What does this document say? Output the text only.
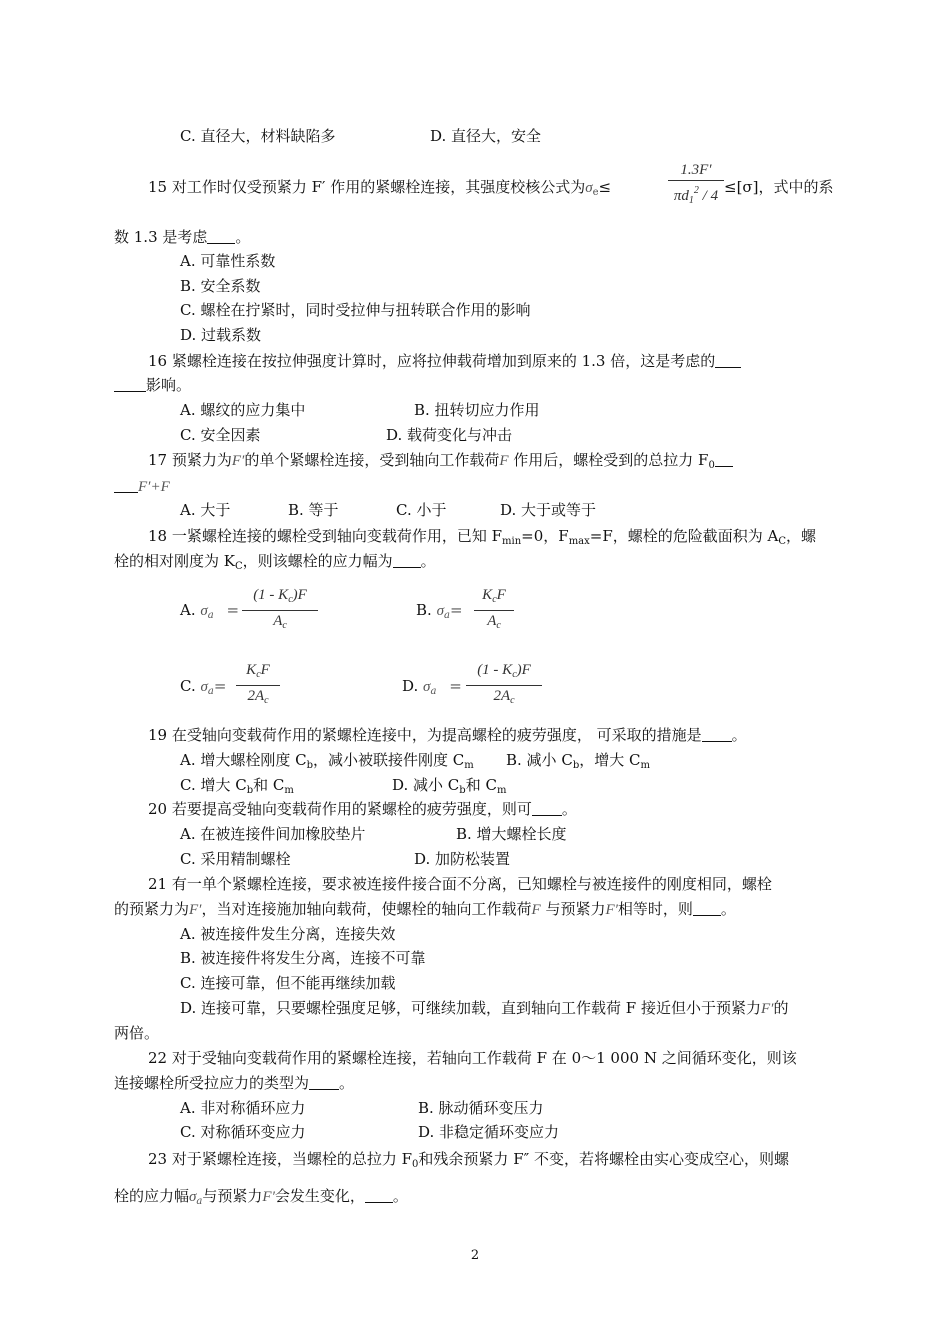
C. 直径大，材料缺陷多	D. 直径大，安全
15 对工作时仅受预紧力 F′ 作用的紧螺栓连接，其强度校核公式为$\sigma_e\le$
1.3F′
$\pi d_1^2 / 4 \le[\sigma]$，式中的系
数 1.3 是考虑 。
A. 可靠性系数
B. 安全系数
C. 螺栓在拧紧时，同时受拉伸与扭转联合作用的影响
D. 过载系数
16 紧螺栓连接在按拉伸强度计算时，应将拉伸载荷增加到原来的 1.3 倍，这是考虑的
影响。
A. 螺纹的应力集中	B. 扭转切应力作用
C. 安全因素	D. 载荷变化与冲击
17 预紧力为F′的单个紧螺栓连接，受到轴向工作载荷F 作用后，螺栓受到的总拉力 $F_0$
F′+F
A. 大于	B. 等于	C. 小于	D. 大于或等于
18 一紧螺栓连接的螺栓受到轴向变载荷作用，已知 $F_{min}=0$，$F_{max}=F$，螺栓的危险截面积为 $A_C$，螺
栓的相对刚度为 $K_C$，则该螺栓的应力幅为 。
A. $\sigma_a$ =
$(1 - K_c)F$
$A_c$
B. $\sigma_a=$
$K_cF$
$A_c$
C. $\sigma_a=$
$K_cF$
$2A_c$
D. $\sigma_a$ =
$(1 - K_c)F$
$2A_c$
19 在受轴向变载荷作用的紧螺栓连接中，为提高螺栓的疲劳强度， 可采取的措施是 。
A. 增大螺栓刚度 $C_b$，减小被联接件刚度 $C_m$ B. 减小 $C_b$，增大 $C_m$
C. 增大 $C_b$和 $C_m$	D. 减小 $C_b$和 $C_m$
20 若要提高受轴向变载荷作用的紧螺栓的疲劳强度，则可 。
A. 在被连接件间加橡胶垫片	B. 增大螺栓长度
C. 采用精制螺栓	D. 加防松装置
21 有一单个紧螺栓连接，要求被连接件接合面不分离，已知螺栓与被连接件的刚度相同，螺栓
的预紧力为F′，当对连接施加轴向载荷，使螺栓的轴向工作载荷F 与预紧力F′相等时，则 。
A. 被连接件发生分离，连接失效
B. 被连接件将发生分离，连接不可靠
C. 连接可靠，但不能再继续加载
D. 连接可靠，只要螺栓强度足够，可继续加载，直到轴向工作载荷 F 接近但小于预紧力F′的
两倍。
22 对于受轴向变载荷作用的紧螺栓连接，若轴向工作载荷 F 在 0～1 000 N 之间循环变化，则该
连接螺栓所受拉应力的类型为 。
A. 非对称循环应力	B. 脉动循环变压力
C. 对称循环变应力	D. 非稳定循环变应力
23 对于紧螺栓连接，当螺栓的总拉力 $F_0$和残余预紧力 F″ 不变，若将螺栓由实心变成空心，则螺
栓的应力幅$\sigma_a$与预紧力F′会发生变化， 。
2
